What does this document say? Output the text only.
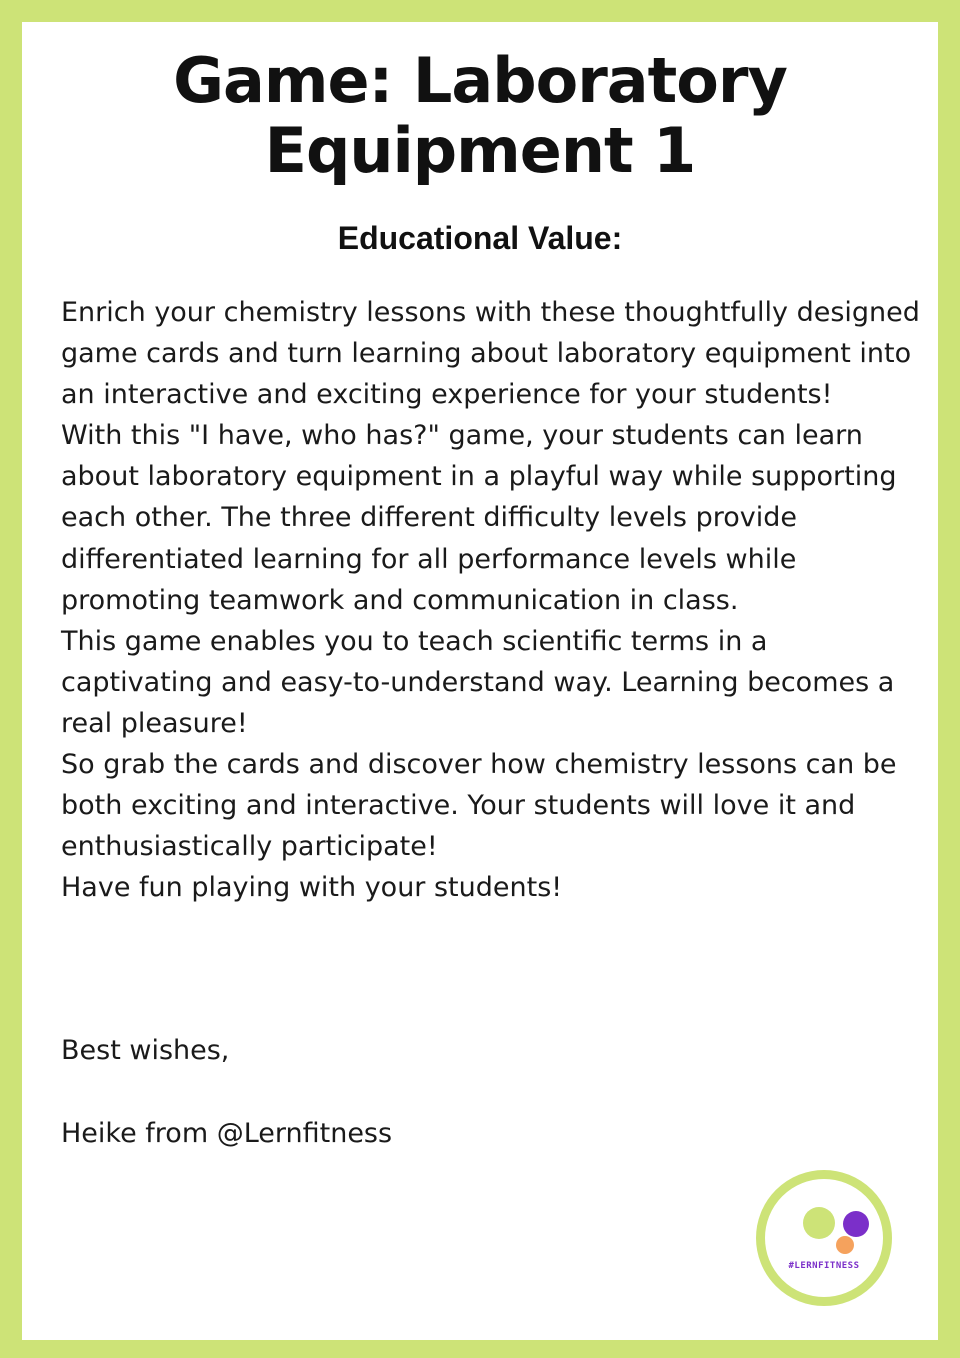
Game: Laboratory
Equipment 1
Educational Value:

Enrich your chemistry lessons with these thoughtfully designed game cards and turn learning about laboratory equipment into an interactive and exciting experience for your students!

With this "I have, who has?" game, your students can learn about laboratory equipment in a playful way while supporting each other. The three different difficulty levels provide differentiated learning for all performance levels while promoting teamwork and communication in class.

This game enables you to teach scientific terms in a captivating and easy-to-understand way. Learning becomes a real pleasure!

So grab the cards and discover how chemistry lessons can be both exciting and interactive. Your students will love it and enthusiastically participate!

Have fun playing with your students!

Best wishes,
Heike from @Lernfitness
#LERNFITNESS
